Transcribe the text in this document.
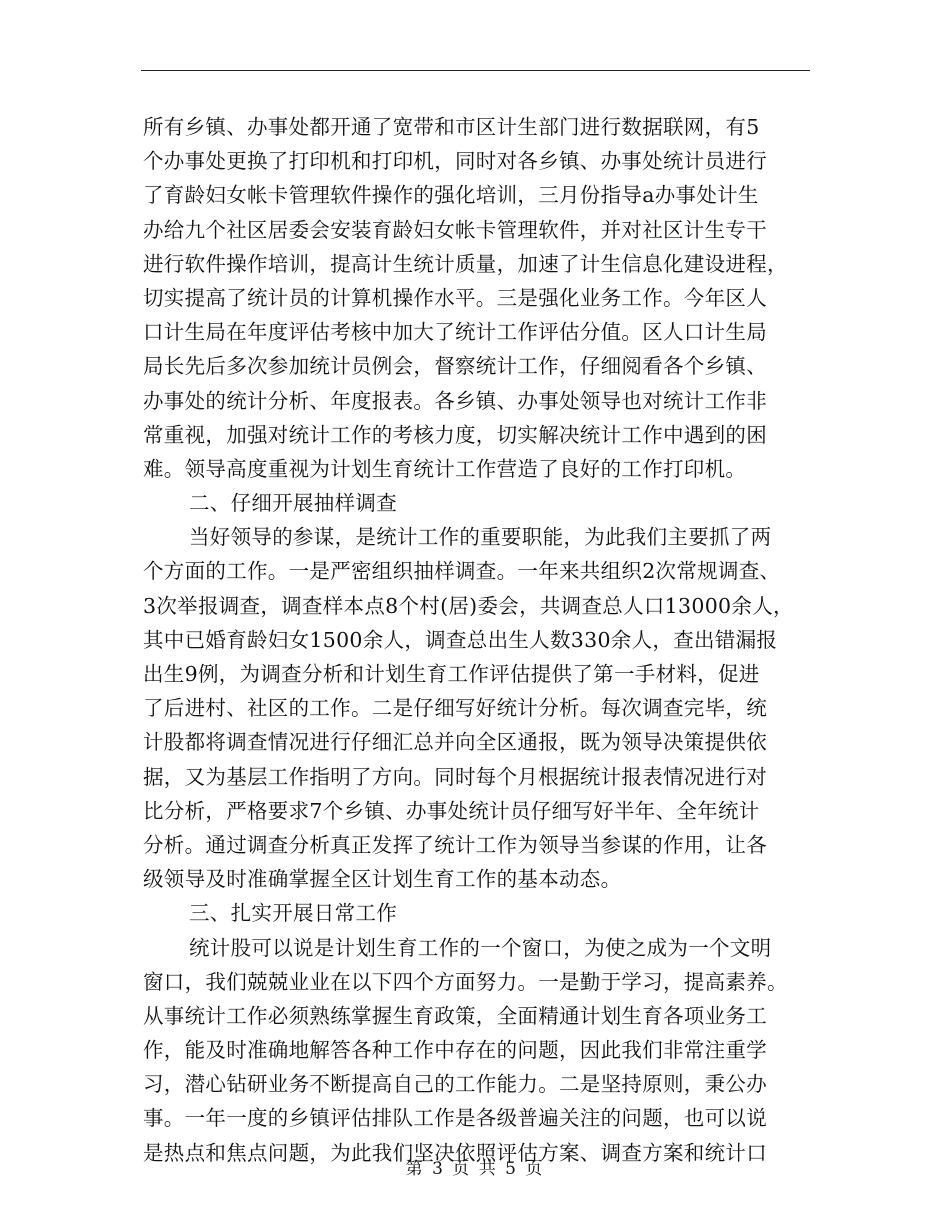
所有乡镇、办事处都开通了宽带和市区计生部门进行数据联网，有5
个办事处更换了打印机和打印机，同时对各乡镇、办事处统计员进行
了育龄妇女帐卡管理软件操作的强化培训，三月份指导a办事处计生
办给九个社区居委会安装育龄妇女帐卡管理软件，并对社区计生专干
进行软件操作培训，提高计生统计质量，加速了计生信息化建设进程，
切实提高了统计员的计算机操作水平。三是强化业务工作。今年区人
口计生局在年度评估考核中加大了统计工作评估分值。区人口计生局
局长先后多次参加统计员例会，督察统计工作，仔细阅看各个乡镇、
办事处的统计分析、年度报表。各乡镇、办事处领导也对统计工作非
常重视，加强对统计工作的考核力度，切实解决统计工作中遇到的困
难。领导高度重视为计划生育统计工作营造了良好的工作打印机。
二、仔细开展抽样调查
当好领导的参谋，是统计工作的重要职能，为此我们主要抓了两
个方面的工作。一是严密组织抽样调查。一年来共组织2次常规调查、
3次举报调查，调查样本点8个村(居)委会，共调查总人口13000余人，
其中已婚育龄妇女1500余人，调查总出生人数330余人，查出错漏报
出生9例，为调查分析和计划生育工作评估提供了第一手材料，促进
了后进村、社区的工作。二是仔细写好统计分析。每次调查完毕，统
计股都将调查情况进行仔细汇总并向全区通报，既为领导决策提供依
据，又为基层工作指明了方向。同时每个月根据统计报表情况进行对
比分析，严格要求7个乡镇、办事处统计员仔细写好半年、全年统计
分析。通过调查分析真正发挥了统计工作为领导当参谋的作用，让各
级领导及时准确掌握全区计划生育工作的基本动态。
三、扎实开展日常工作
统计股可以说是计划生育工作的一个窗口，为使之成为一个文明
窗口，我们兢兢业业在以下四个方面努力。一是勤于学习，提高素养。
从事统计工作必须熟练掌握生育政策，全面精通计划生育各项业务工
作，能及时准确地解答各种工作中存在的问题，因此我们非常注重学
习，潜心钻研业务不断提高自己的工作能力。二是坚持原则，秉公办
事。一年一度的乡镇评估排队工作是各级普遍关注的问题，也可以说
是热点和焦点问题，为此我们坚决依照评估方案、调查方案和统计口
第 3 页 共 5 页
